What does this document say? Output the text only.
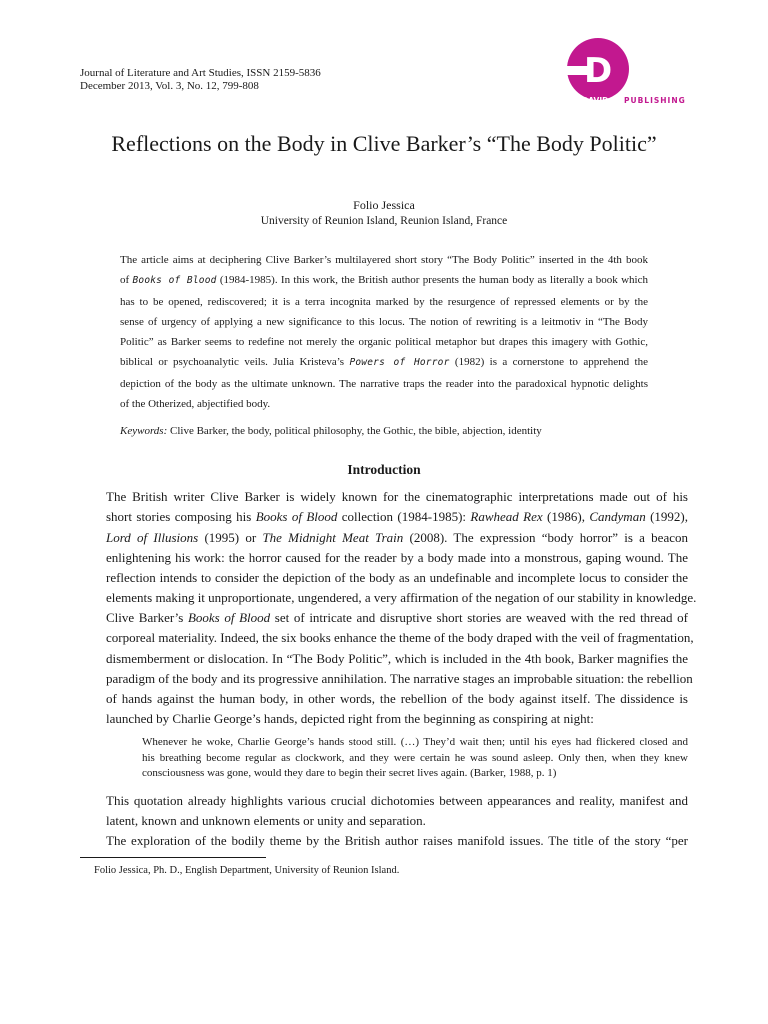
Journal of Literature and Art Studies, ISSN 2159-5836
December 2013, Vol. 3, No. 12, 799-808	D
DAVID PUBLISHING
Reflections on the Body in Clive Barker’s “The Body Politic”
Folio Jessica
University of Reunion Island, Reunion Island, France
The article aims at deciphering Clive Barker’s multilayered short story “The Body Politic” inserted in the 4th book
of Books of Blood (1984-1985). In this work, the British author presents the human body as literally a book which
has to be opened, rediscovered; it is a terra incognita marked by the resurgence of repressed elements or by the
sense of urgency of applying a new significance to this locus. The notion of rewriting is a leitmotiv in “The Body
Politic” as Barker seems to redefine not merely the organic political metaphor but drapes this imagery with Gothic,
biblical or psychoanalytic veils. Julia Kristeva’s Powers of Horror (1982) is a cornerstone to apprehend the
depiction of the body as the ultimate unknown. The narrative traps the reader into the paradoxical hypnotic delights
of the Otherized, abjectified body.
Keywords: Clive Barker, the body, political philosophy, the Gothic, the bible, abjection, identity
Introduction
The British writer Clive Barker is widely known for the cinematographic interpretations made out of his
short stories composing his Books of Blood collection (1984-1985): Rawhead Rex (1986), Candyman (1992),
Lord of Illusions (1995) or The Midnight Meat Train (2008). The expression “body horror” is a beacon
enlightening his work: the horror caused for the reader by a body made into a monstrous, gaping wound. The
reflection intends to consider the depiction of the body as an undefinable and incomplete locus to consider the
elements making it unproportionate, ungendered, a very affirmation of the negation of our stability in knowledge.
Clive Barker’s Books of Blood set of intricate and disruptive short stories are weaved with the red thread of
corporeal materiality. Indeed, the six books enhance the theme of the body draped with the veil of fragmentation,
dismemberment or dislocation. In “The Body Politic”, which is included in the 4th book, Barker magnifies the
paradigm of the body and its progressive annihilation. The narrative stages an improbable situation: the rebellion
of hands against the human body, in other words, the rebellion of the body against itself. The dissidence is
launched by Charlie George’s hands, depicted right from the beginning as conspiring at night:
Whenever he woke, Charlie George’s hands stood still. (…) They’d wait then; until his eyes had flickered closed and
his breathing become regular as clockwork, and they were certain he was sound asleep. Only then, when they knew
consciousness was gone, would they dare to begin their secret lives again. (Barker, 1988, p. 1)
This quotation already highlights various crucial dichotomies between appearances and reality, manifest and
latent, known and unknown elements or unity and separation.
The exploration of the bodily theme by the British author raises manifold issues. The title of the story “per
Folio Jessica, Ph. D., English Department, University of Reunion Island.
